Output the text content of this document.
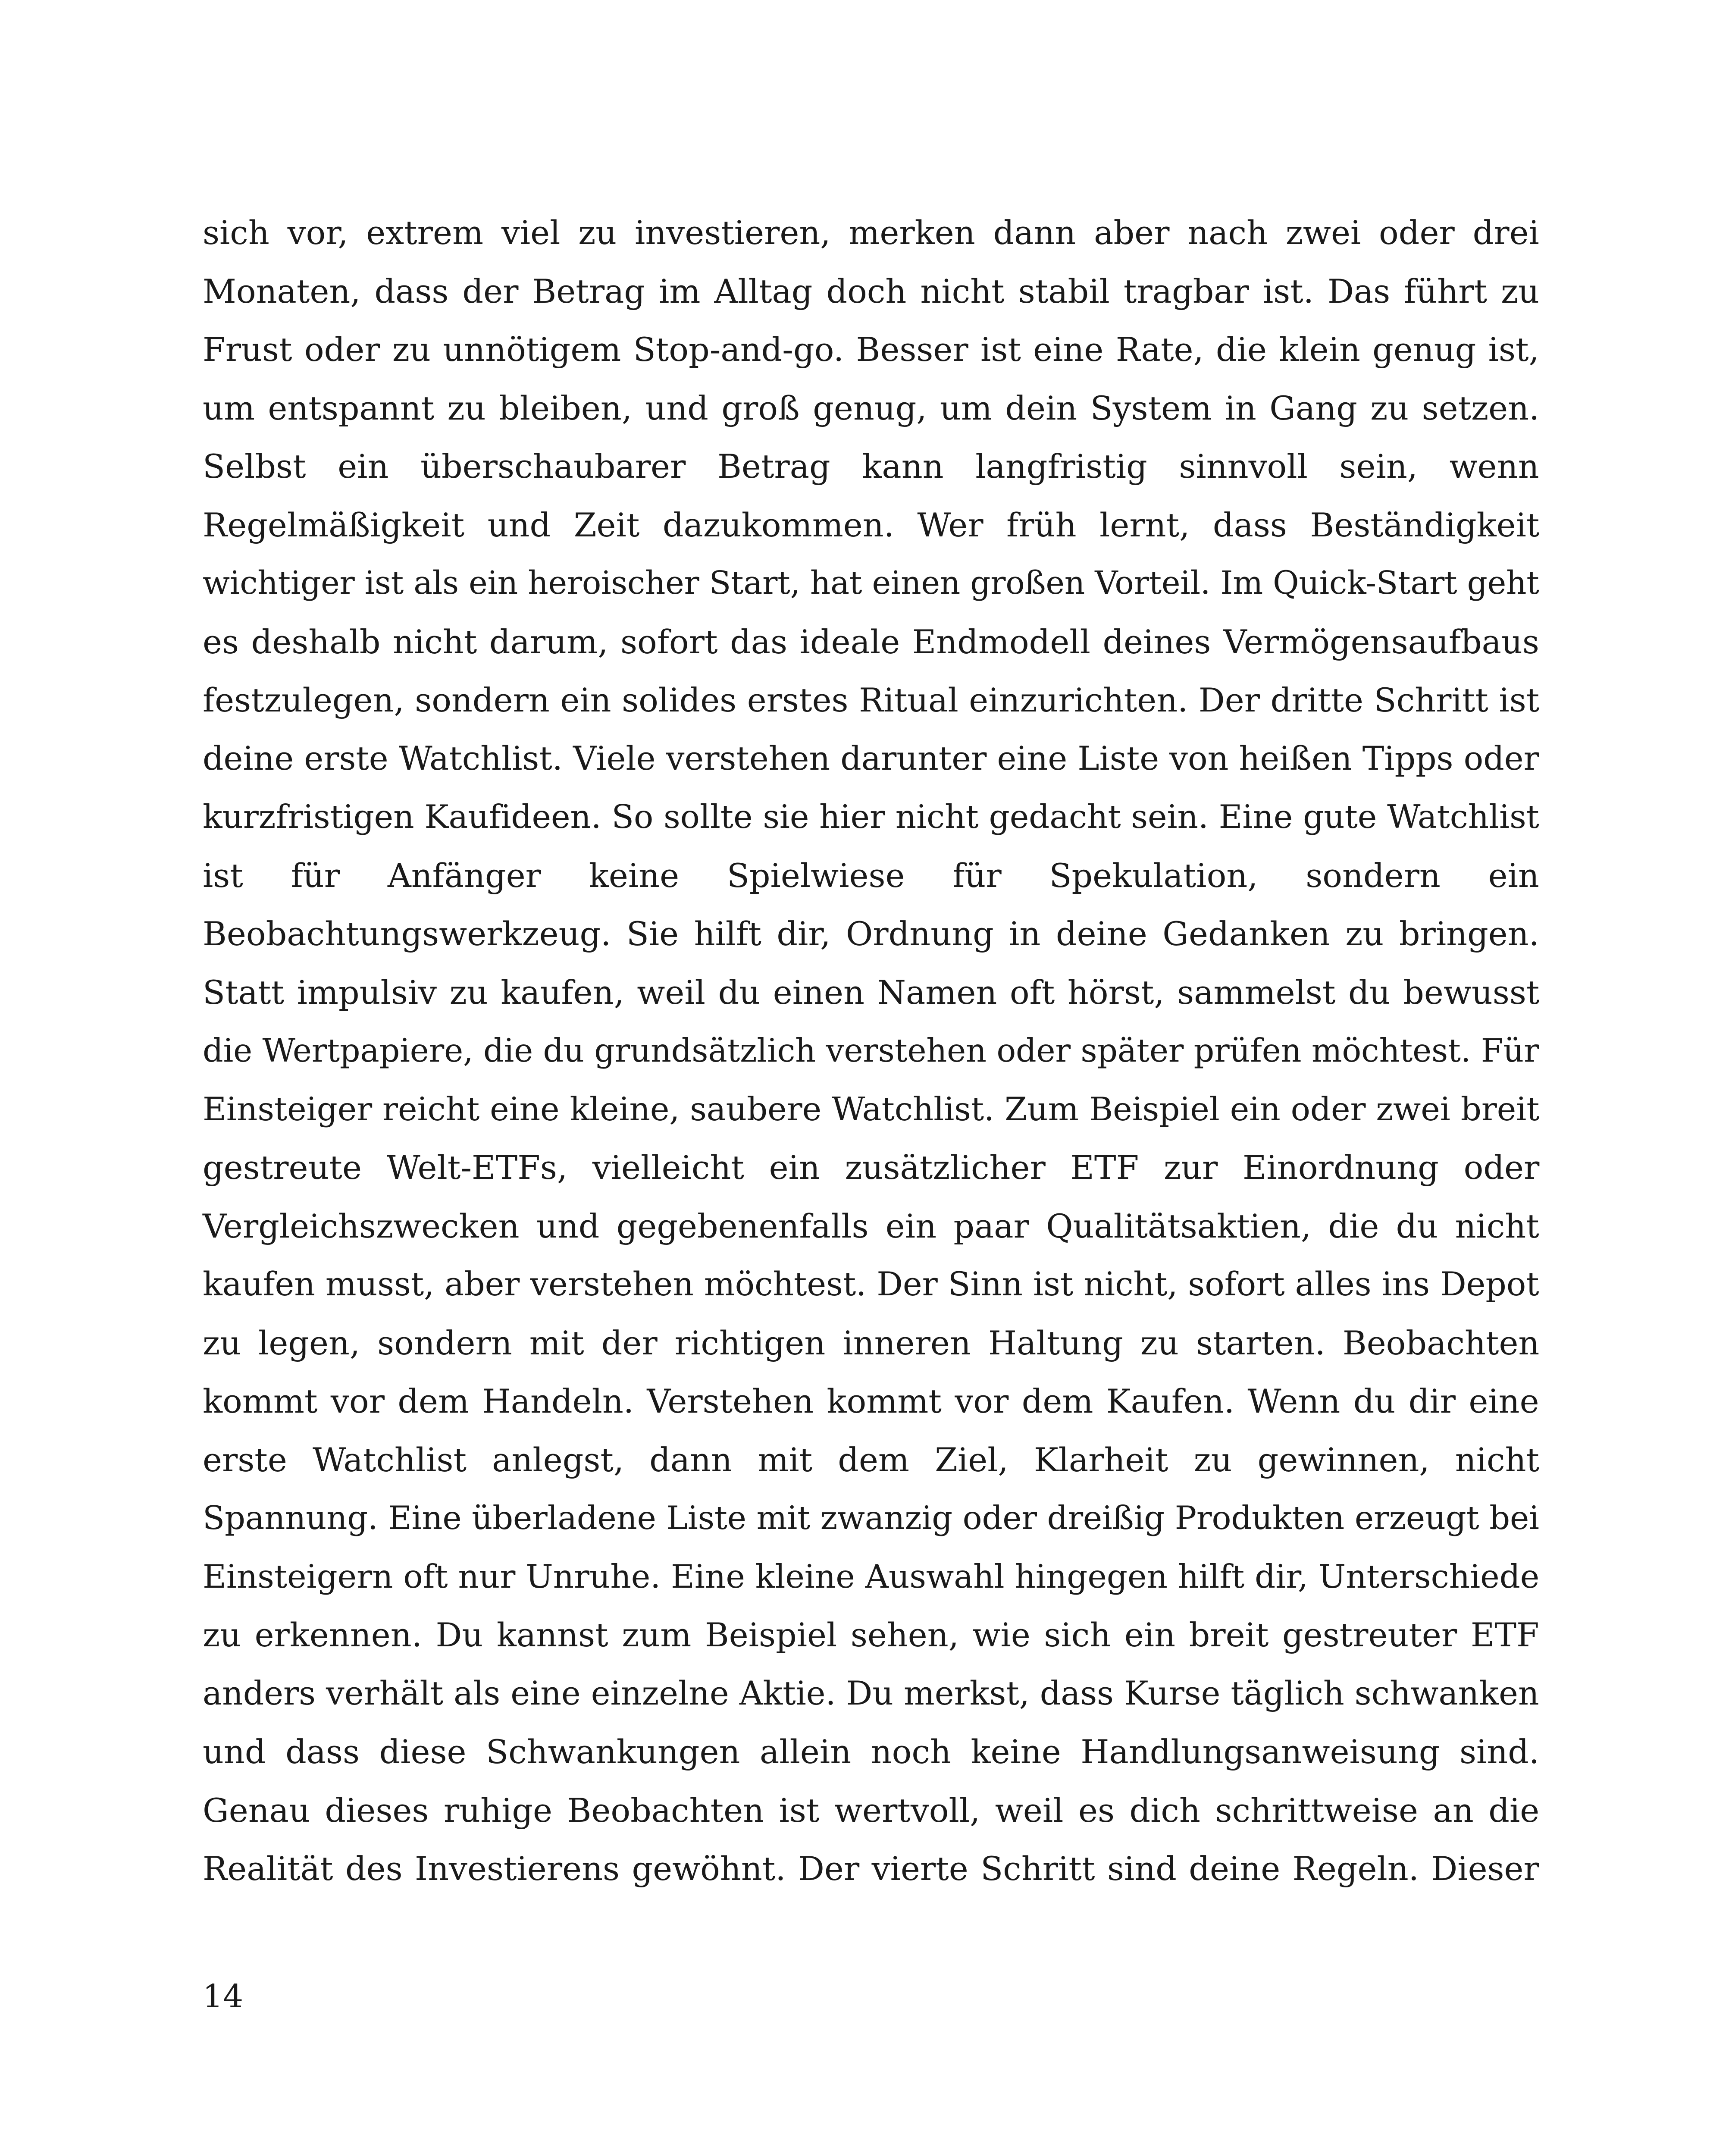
sich vor, extrem viel zu investieren, merken dann aber nach zwei oder drei
Monaten, dass der Betrag im Alltag doch nicht stabil tragbar ist. Das führt zu
Frust oder zu unnötigem Stop-and-go. Besser ist eine Rate, die klein genug ist,
um entspannt zu bleiben, und groß genug, um dein System in Gang zu setzen.
Selbst ein überschaubarer Betrag kann langfristig sinnvoll sein, wenn
Regelmäßigkeit und Zeit dazukommen. Wer früh lernt, dass Beständigkeit
wichtiger ist als ein heroischer Start, hat einen großen Vorteil. Im Quick-Start geht
es deshalb nicht darum, sofort das ideale Endmodell deines Vermögensaufbaus
festzulegen, sondern ein solides erstes Ritual einzurichten. Der dritte Schritt ist
deine erste Watchlist. Viele verstehen darunter eine Liste von heißen Tipps oder
kurzfristigen Kaufideen. So sollte sie hier nicht gedacht sein. Eine gute Watchlist
ist für Anfänger keine Spielwiese für Spekulation, sondern ein
Beobachtungswerkzeug. Sie hilft dir, Ordnung in deine Gedanken zu bringen.
Statt impulsiv zu kaufen, weil du einen Namen oft hörst, sammelst du bewusst
die Wertpapiere, die du grundsätzlich verstehen oder später prüfen möchtest. Für
Einsteiger reicht eine kleine, saubere Watchlist. Zum Beispiel ein oder zwei breit
gestreute Welt-ETFs, vielleicht ein zusätzlicher ETF zur Einordnung oder
Vergleichszwecken und gegebenenfalls ein paar Qualitätsaktien, die du nicht
kaufen musst, aber verstehen möchtest. Der Sinn ist nicht, sofort alles ins Depot
zu legen, sondern mit der richtigen inneren Haltung zu starten. Beobachten
kommt vor dem Handeln. Verstehen kommt vor dem Kaufen. Wenn du dir eine
erste Watchlist anlegst, dann mit dem Ziel, Klarheit zu gewinnen, nicht
Spannung. Eine überladene Liste mit zwanzig oder dreißig Produkten erzeugt bei
Einsteigern oft nur Unruhe. Eine kleine Auswahl hingegen hilft dir, Unterschiede
zu erkennen. Du kannst zum Beispiel sehen, wie sich ein breit gestreuter ETF
anders verhält als eine einzelne Aktie. Du merkst, dass Kurse täglich schwanken
und dass diese Schwankungen allein noch keine Handlungsanweisung sind.
Genau dieses ruhige Beobachten ist wertvoll, weil es dich schrittweise an die
Realität des Investierens gewöhnt. Der vierte Schritt sind deine Regeln. Dieser
14
